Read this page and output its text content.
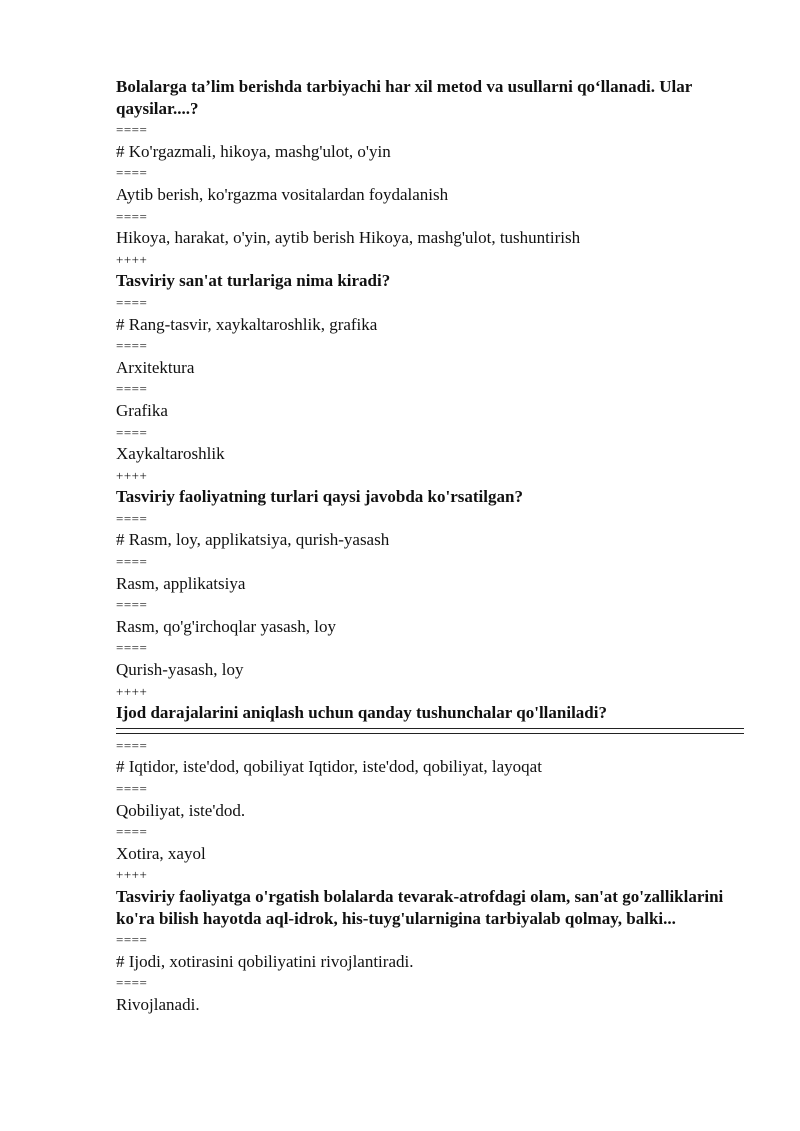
Bolalarga taʼlim berishda tarbiyachi har xil metod va usullarni qoʻllanadi. Ular qaysilar....?
====
# Ko'rgazmali, hikoya, mashg'ulot, o'yin
====
Aytib berish, ko'rgazma vositalardan foydalanish
====
Hikoya, harakat, o'yin, aytib berish Hikoya, mashg'ulot, tushuntirish
++++
Tasviriy san'at turlariga nima kiradi?
====
# Rang-tasvir, xaykaltaroshlik, grafika
====
Arxitektura
====
Grafika
====
Xaykaltaroshlik
++++
Tasviriy faoliyatning turlari qaysi javobda ko'rsatilgan?
====
# Rasm, loy, applikatsiya, qurish-yasash
====
Rasm, applikatsiya
====
Rasm, qo'g'irchoqlar yasash, loy
====
Qurish-yasash, loy
++++
Ijod darajalarini aniqlash uchun qanday tushunchalar qo'llaniladi?
====
# Iqtidor, iste'dod, qobiliyat Iqtidor, iste'dod, qobiliyat, layoqat
====
Qobiliyat, iste'dod.
====
Xotira, xayol
++++
Tasviriy faoliyatga o'rgatish bolalarda tevarak-atrofdagi olam, san'at go'zalliklarini ko'ra bilish hayotda aql-idrok, his-tuyg'ularnigina tarbiyalab qolmay, balki...
====
# Ijodi, xotirasini qobiliyatini rivojlantiradi.
====
Rivojlanadi.
